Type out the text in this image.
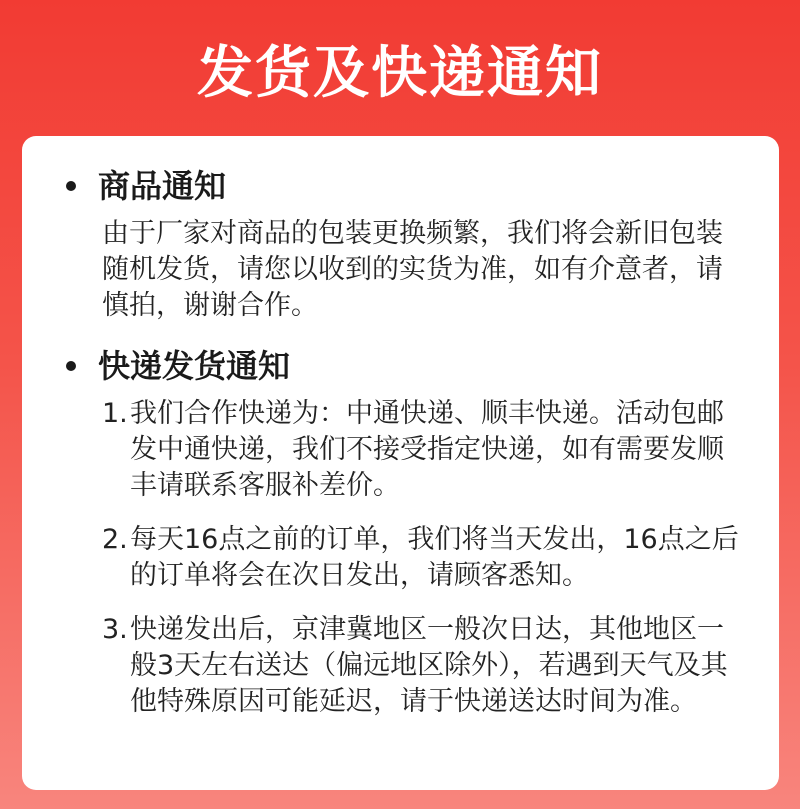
发货及快递通知
商品通知
由于厂家对商品的包装更换频繁，我们将会新旧包装随机发货，请您以收到的实货为准，如有介意者，请慎拍，谢谢合作。
快递发货通知
1. 我们合作快递为：中通快递、顺丰快递。活动包邮发中通快递，我们不接受指定快递，如有需要发顺丰请联系客服补差价。
2. 每天16点之前的订单，我们将当天发出，16点之后的订单将会在次日发出，请顾客悉知。
3. 快递发出后，京津冀地区一般次日达，其他地区一般3天左右送达（偏远地区除外），若遇到天气及其他特殊原因可能延迟，请于快递送达时间为准。
